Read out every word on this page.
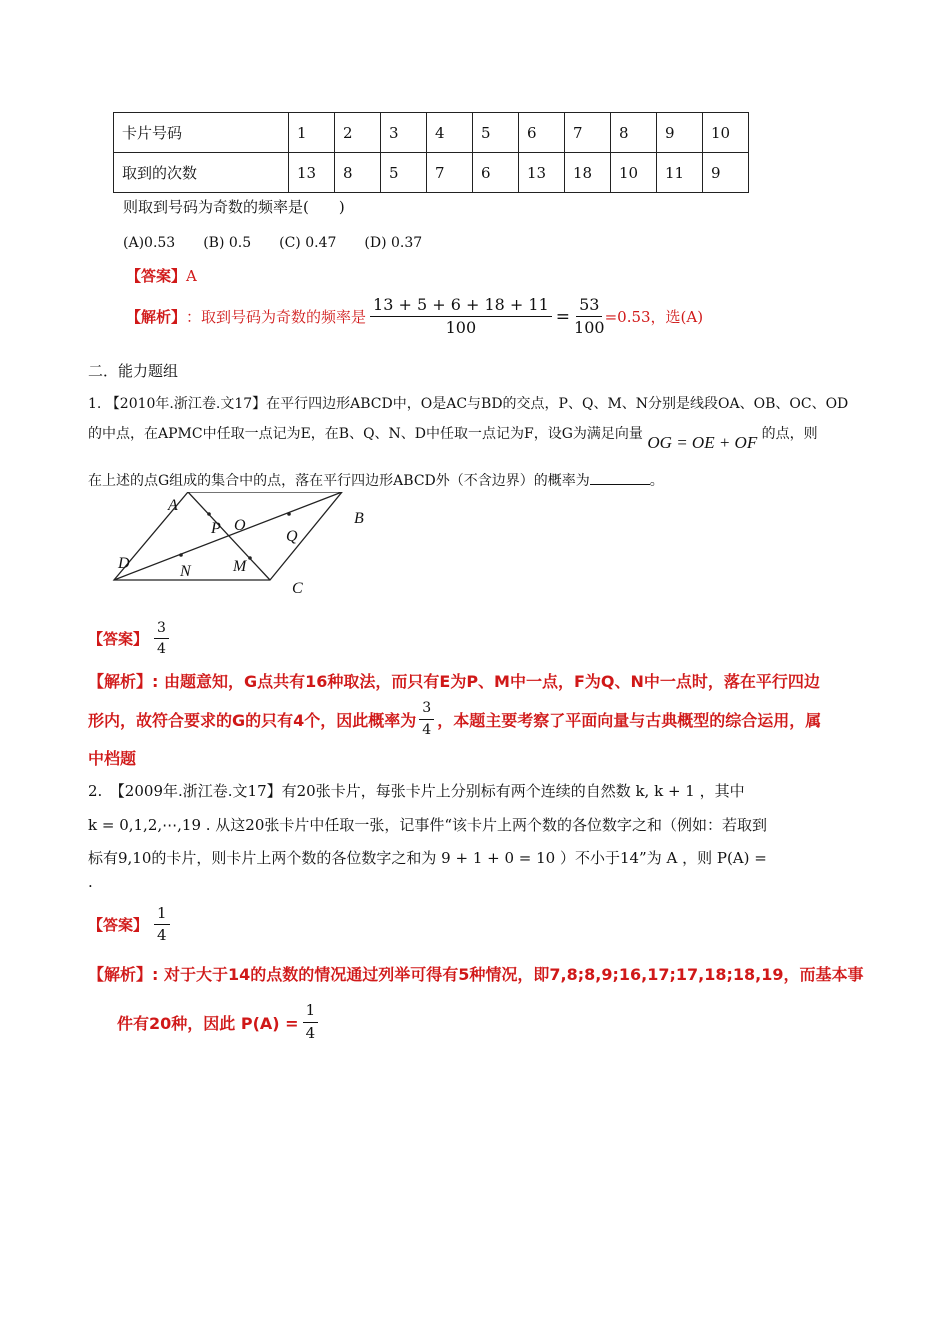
卡片号码	1	2	3	4	5	6	7	8	9	10
取到的次数	13	8	5	7	6	13	18	10	11	9
则取到号码为奇数的频率是(　　)
(A)0.53　　(B) 0.5　　(C) 0.47　　(D) 0.37
【答案】A
【解析】 ：取到号码为奇数的频率是 $\frac{13 + 5 + 6 + 18 + 11}{100} = \frac{53}{100} =0.53$，选(A)
二．能力题组
1. 【2010年.浙江卷.文17】在平行四边形ABCD中，O是AC与BD的交点，P、Q、M、N分别是线段OA、OB、OC、OD
的中点，在APMC中任取一点记为E，在B、Q、N、D中任取一点记为F，设G为满足向量 OG = OE + OF 的点，则
在上述的点G组成的集合中的点，落在平行四边形ABCD外（不含边界）的概率为	。
A
B
C
D
O
P	Q
M
N
【答案】 $\frac{3}{4}$
【解析】: 由题意知，G点共有16种取法，而只有E为P、M中一点，F为Q、N中一点时，落在平行四边
形内，故符合要求的G的只有4个，因此概率为 $\frac{3}{4}$ ，本题主要考察了平面向量与古典概型的综合运用，属
中档题
2.　【2009年.浙江卷.文17】有20张卡片，每张卡片上分别标有两个连续的自然数 k, k + 1 ，其中
k = 0,1,2,⋯,19 . 从这20张卡片中任取一张，记事件“该卡片上两个数的各位数字之和（例如：若取到
标有9,10的卡片，则卡片上两个数的各位数字之和为 9 + 1 + 0 = 10 ）不小于14”为 A ，则 P(A) =
.
【答案】 $\frac{1}{4}$
【解析】: 对于大于14的点数的情况通过列举可得有5种情况，即7,8;8,9;16,17;17,18;18,19，而基本事
件有20种，因此 $P(A) = \frac{1}{4}$
